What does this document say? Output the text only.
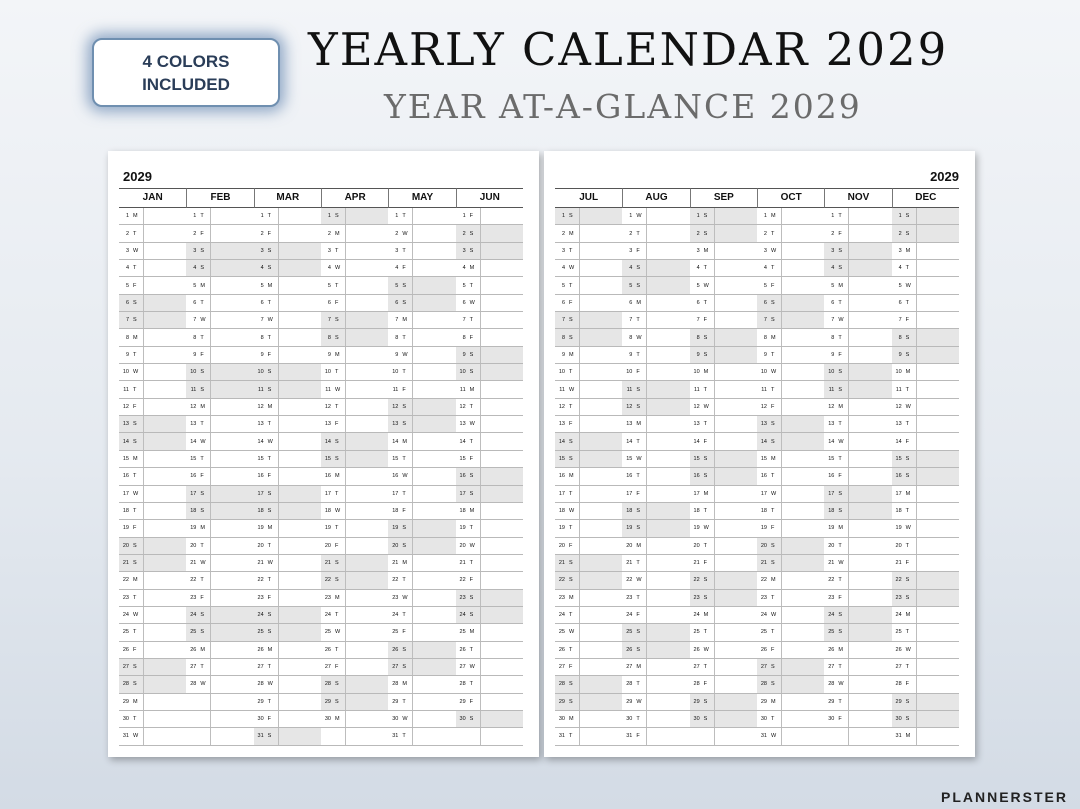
4 COLORS
INCLUDED
YEARLY CALENDAR 2029
YEAR AT-A-GLANCE 2029
2029
JAN
1 M
2 T
3 W
4 T
5 F
6 S
7 S
8 M
9 T
10 W
11 T
12 F
13 S
14 S
15 M
16 T
17 W
18 T
19 F
20 S
21 S
22 M
23 T
24 W
25 T
26 F
27 S
28 S
29 M
30 T
31 W
FEB
1 T
2 F
3 S
4 S
5 M
6 T
7 W
8 T
9 F
10 S
11 S
12 M
13 T
14 W
15 T
16 F
17 S
18 S
19 M
20 T
21 W
22 T
23 F
24 S
25 S
26 M
27 T
28 W
MAR
1 T
2 F
3 S
4 S
5 M
6 T
7 W
8 T
9 F
10 S
11 S
12 M
13 T
14 W
15 T
16 F
17 S
18 S
19 M
20 T
21 W
22 T
23 F
24 S
25 S
26 M
27 T
28 W
29 T
30 F
31 S
APR
1 S
2 M
3 T
4 W
5 T
6 F
7 S
8 S
9 M
10 T
11 W
12 T
13 F
14 S
15 S
16 M
17 T
18 W
19 T
20 F
21 S
22 S
23 M
24 T
25 W
26 T
27 F
28 S
29 S
30 M
MAY
1 T
2 W
3 T
4 F
5 S
6 S
7 M
8 T
9 W
10 T
11 F
12 S
13 S
14 M
15 T
16 W
17 T
18 F
19 S
20 S
21 M
22 T
23 W
24 T
25 F
26 S
27 S
28 M
29 T
30 W
31 T
JUN
1 F
2 S
3 S
4 M
5 T
6 W
7 T
8 F
9 S
10 S
11 M
12 T
13 W
14 T
15 F
16 S
17 S
18 M
19 T
20 W
21 T
22 F
23 S
24 S
25 M
26 T
27 W
28 T
29 F
30 S
2029
JUL
1 S
2 M
3 T
4 W
5 T
6 F
7 S
8 S
9 M
10 T
11 W
12 T
13 F
14 S
15 S
16 M
17 T
18 W
19 T
20 F
21 S
22 S
23 M
24 T
25 W
26 T
27 F
28 S
29 S
30 M
31 T
AUG
1 W
2 T
3 F
4 S
5 S
6 M
7 T
8 W
9 T
10 F
11 S
12 S
13 M
14 T
15 W
16 T
17 F
18 S
19 S
20 M
21 T
22 W
23 T
24 F
25 S
26 S
27 M
28 T
29 W
30 T
31 F
SEP
1 S
2 S
3 M
4 T
5 W
6 T
7 F
8 S
9 S
10 M
11 T
12 W
13 T
14 F
15 S
16 S
17 M
18 T
19 W
20 T
21 F
22 S
23 S
24 M
25 T
26 W
27 T
28 F
29 S
30 S
OCT
1 M
2 T
3 W
4 T
5 F
6 S
7 S
8 M
9 T
10 W
11 T
12 F
13 S
14 S
15 M
16 T
17 W
18 T
19 F
20 S
21 S
22 M
23 T
24 W
25 T
26 F
27 S
28 S
29 M
30 T
31 W
NOV
1 T
2 F
3 S
4 S
5 M
6 T
7 W
8 T
9 F
10 S
11 S
12 M
13 T
14 W
15 T
16 F
17 S
18 S
19 M
20 T
21 W
22 T
23 F
24 S
25 S
26 M
27 T
28 W
29 T
30 F
DEC
1 S
2 S
3 M
4 T
5 W
6 T
7 F
8 S
9 S
10 M
11 T
12 W
13 T
14 F
15 S
16 S
17 M
18 T
19 W
20 T
21 F
22 S
23 S
24 M
25 T
26 W
27 T
28 F
29 S
30 S
31 M
PLANNERSTER
